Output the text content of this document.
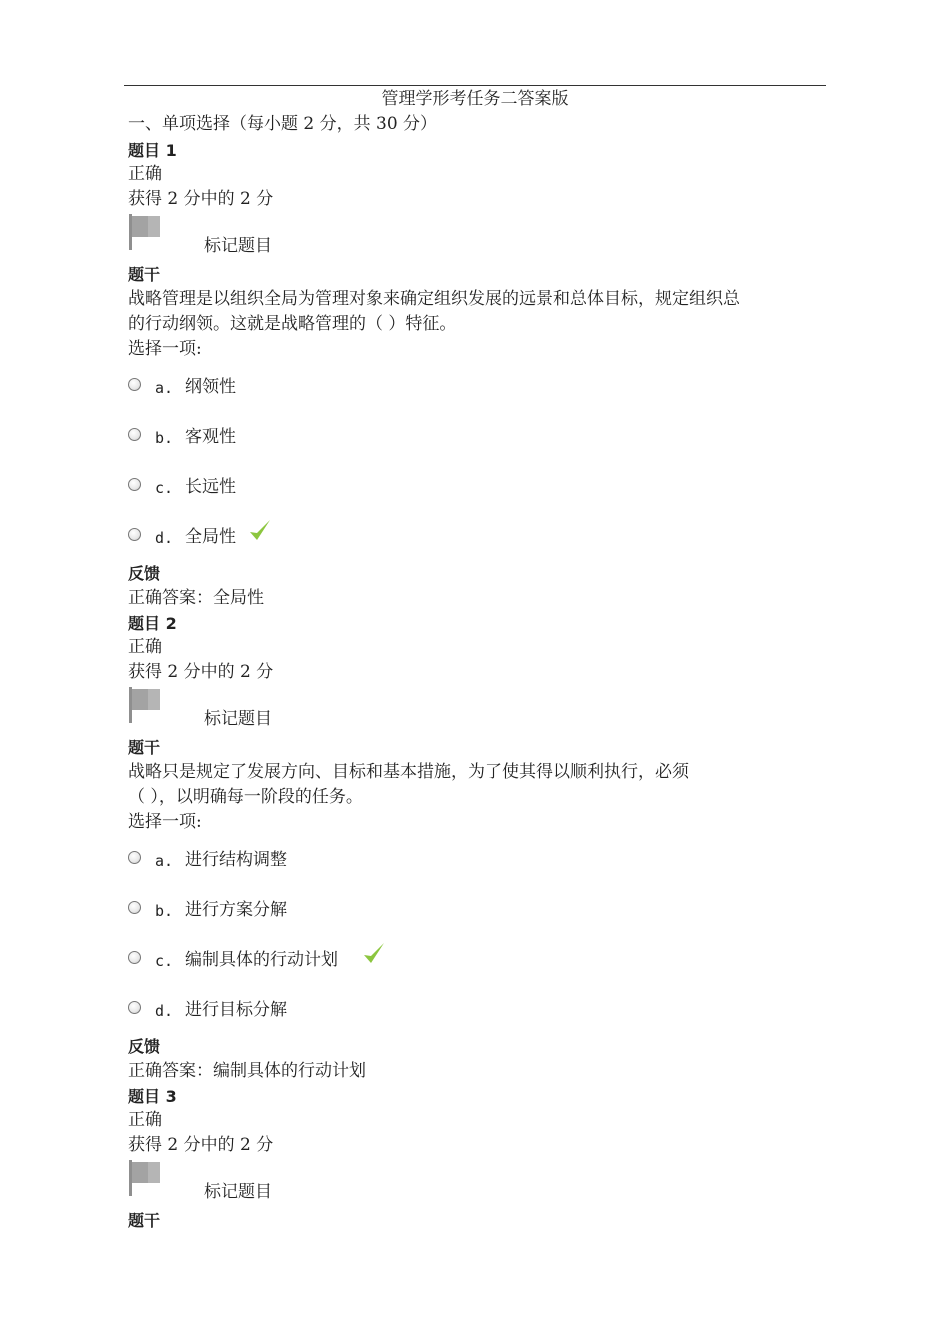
管理学形考任务二答案版
一、单项选择（每小题 2 分，共 30 分）
题目 1
正确
获得 2 分中的 2 分
标记题目
题干
战略管理是以组织全局为管理对象来确定组织发展的远景和总体目标，规定组织总
的行动纲领。这就是战略管理的（ ）特征。
选择一项:
a. 纲领性
b. 客观性
c. 长远性
d. 全局性
反馈
正确答案：全局性
题目 2
正确
获得 2 分中的 2 分
标记题目
题干
战略只是规定了发展方向、目标和基本措施，为了使其得以顺利执行，必须
（ ），以明确每一阶段的任务。
选择一项:
a. 进行结构调整
b. 进行方案分解
c. 编制具体的行动计划
d. 进行目标分解
反馈
正确答案：编制具体的行动计划
题目 3
正确
获得 2 分中的 2 分
标记题目
题干
